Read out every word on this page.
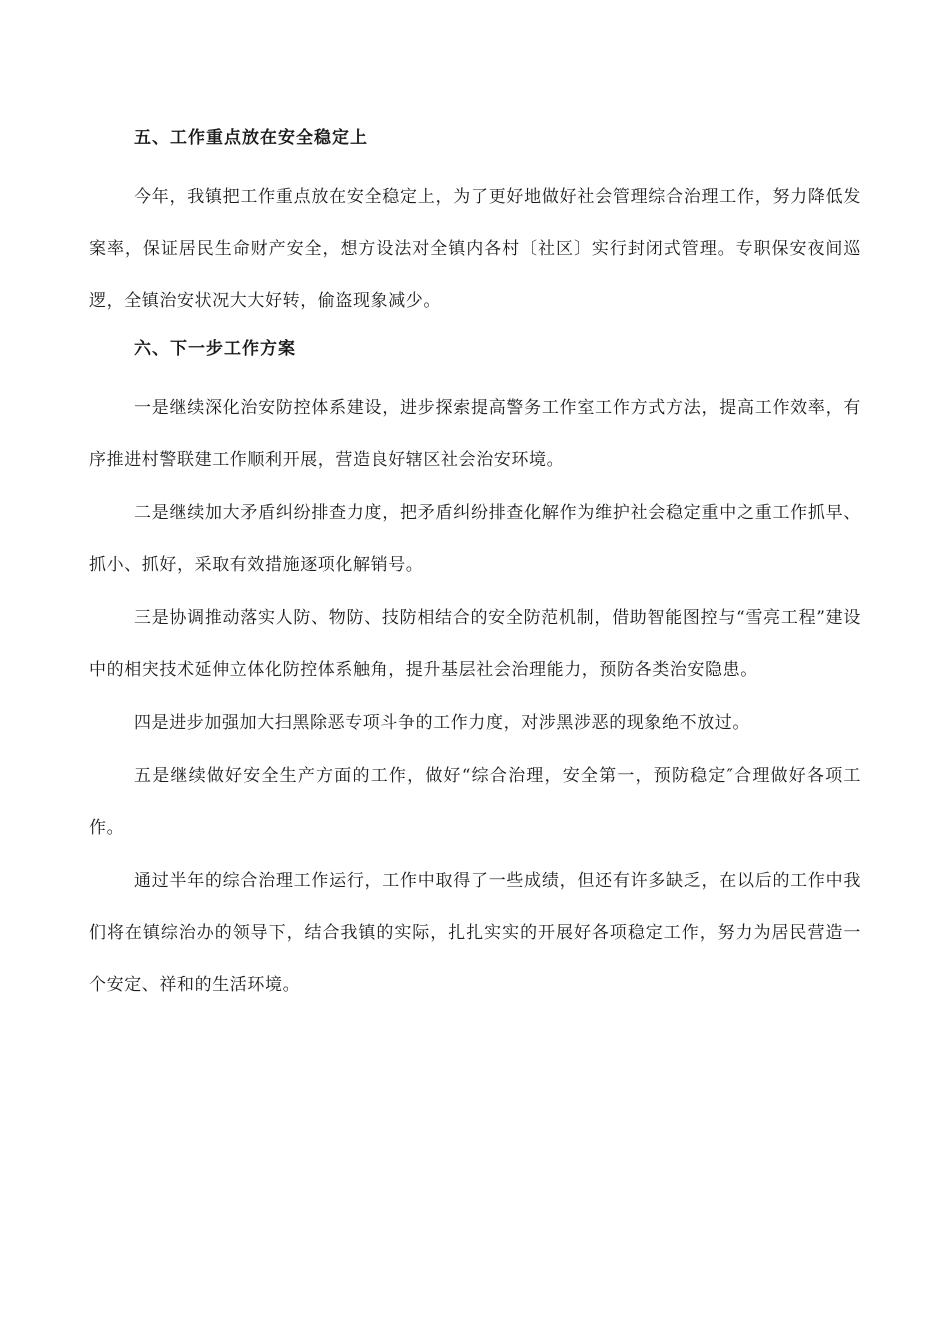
五、工作重点放在安全稳定上

今年，我镇把工作重点放在安全稳定上，为了更好地做好社会管理综合治理工作，努力降低发案率，保证居民生命财产安全，想方设法对全镇内各村〔社区〕实行封闭式管理。专职保安夜间巡逻，全镇治安状况大大好转，偷盗现象减少。

六、下一步工作方案

一是继续深化治安防控体系建设，进步探索提高警务工作室工作方式方法，提高工作效率，有序推进村警联建工作顺利开展，营造良好辖区社会治安环境。

二是继续加大矛盾纠纷排查力度，把矛盾纠纷排查化解作为维护社会稳定重中之重工作抓早、抓小、抓好，采取有效措施逐项化解销号。

三是协调推动落实人防、物防、技防相结合的安全防范机制，借助智能图控与“雪亮工程”建设中的相宊技术延伸立体化防控体系触角，提升基层社会治理能力，预防各类治安隐患。

四是进步加强加大扫黑除恶专项斗争的工作力度，对涉黑涉恶的现象绝不放过。

五是继续做好安全生产方面的工作，做好“综合治理，安全第一，预防稳定″合理做好各项工作。

通过半年的综合治理工作运行，工作中取得了一些成绩，但还有许多缺乏，在以后的工作中我们将在镇综治办的领导下，结合我镇的实际，扎扎实实的开展好各项稳定工作，努力为居民营造一个安定、祥和的生活环境。
